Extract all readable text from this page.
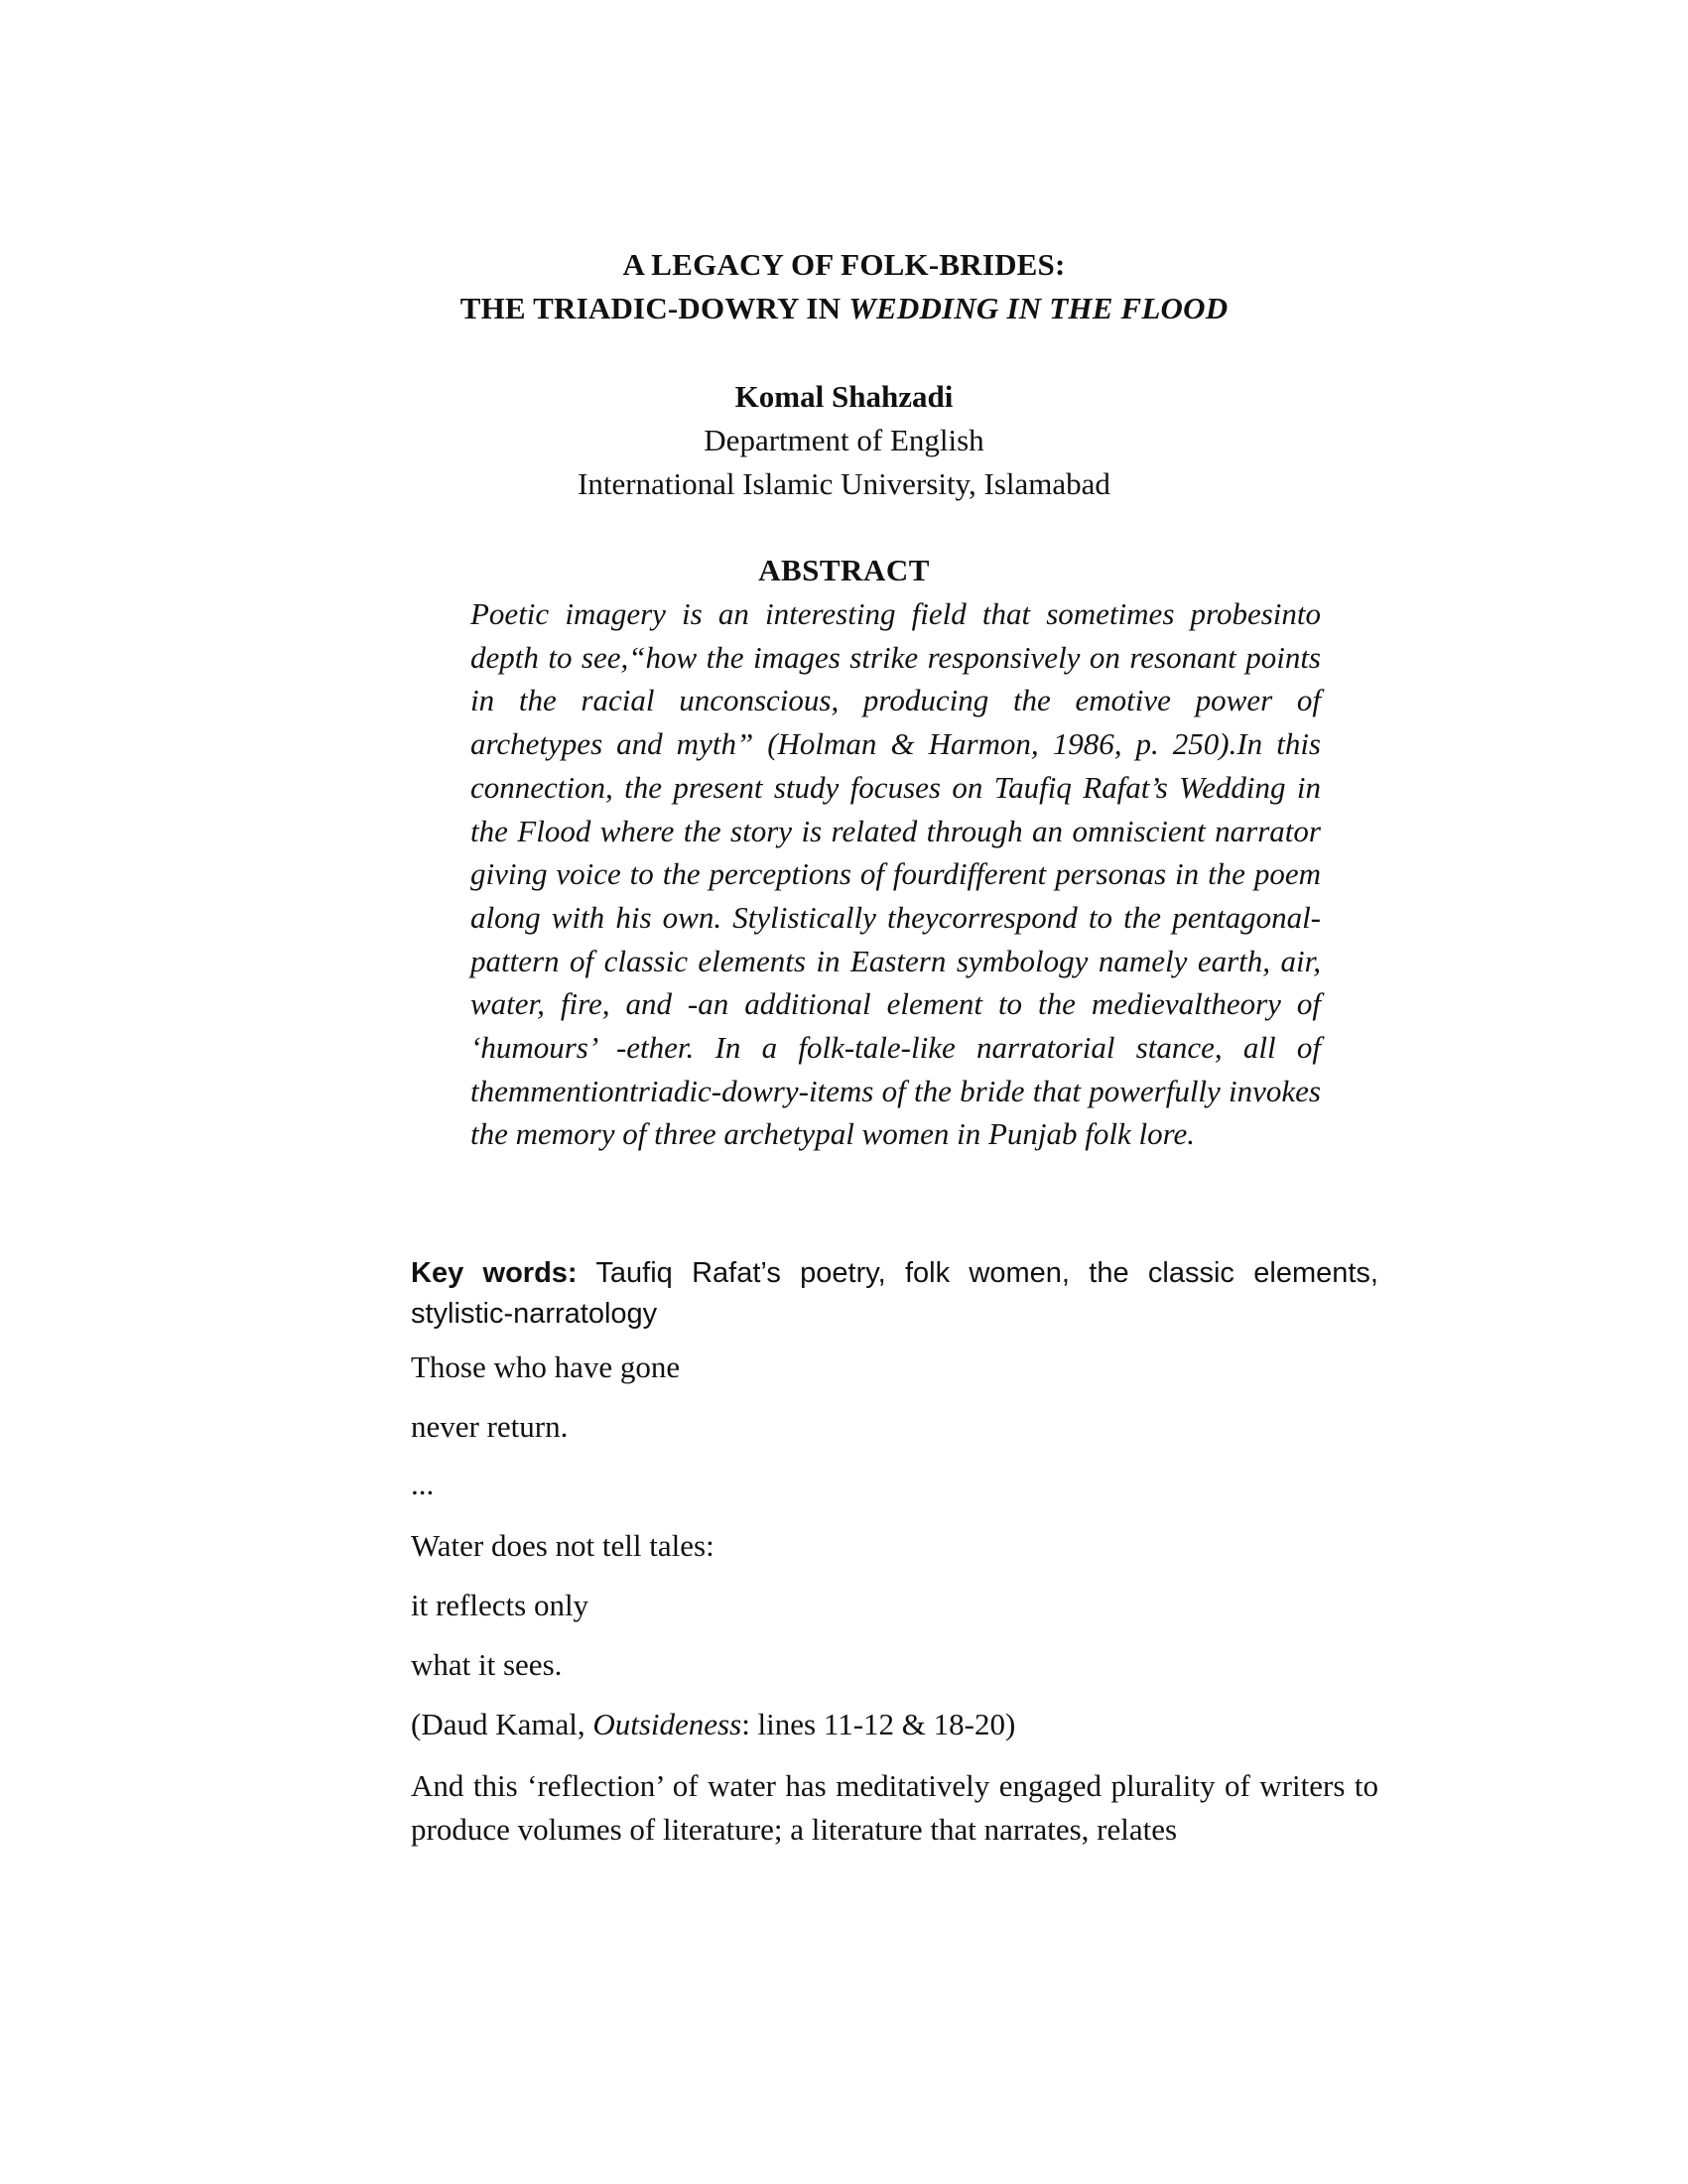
A LEGACY OF FOLK-BRIDES:
THE TRIADIC-DOWRY IN WEDDING IN THE FLOOD
Komal Shahzadi
Department of English
International Islamic University, Islamabad
ABSTRACT
Poetic imagery is an interesting field that sometimes probesinto depth to see,“how the images strike responsively on resonant points in the racial unconscious, producing the emotive power of archetypes and myth” (Holman & Harmon, 1986, p. 250).In this connection, the present study focuses on Taufiq Rafat’s Wedding in the Flood where the story is related through an omniscient narrator giving voice to the perceptions of fourdifferent personas in the poem along with his own. Stylistically theycorrespond to the pentagonal-pattern of classic elements in Eastern symbology namely earth, air, water, fire, and -an additional element to the medievaltheory of ‘humours’ -ether. In a folk-tale-like narratorial stance, all of themmentiontriadic-dowry-items of the bride that powerfully invokes the memory of three archetypal women in Punjab folk lore.
Key words: Taufiq Rafat’s poetry, folk women, the classic elements, stylistic-narratology
Those who have gone
never return.
...
Water does not tell tales:
it reflects only
what it sees.
(Daud Kamal, Outsideness: lines 11-12 & 18-20)
And this ‘reflection’ of water has meditatively engaged plurality of writers to produce volumes of literature; a literature that narrates, relates
